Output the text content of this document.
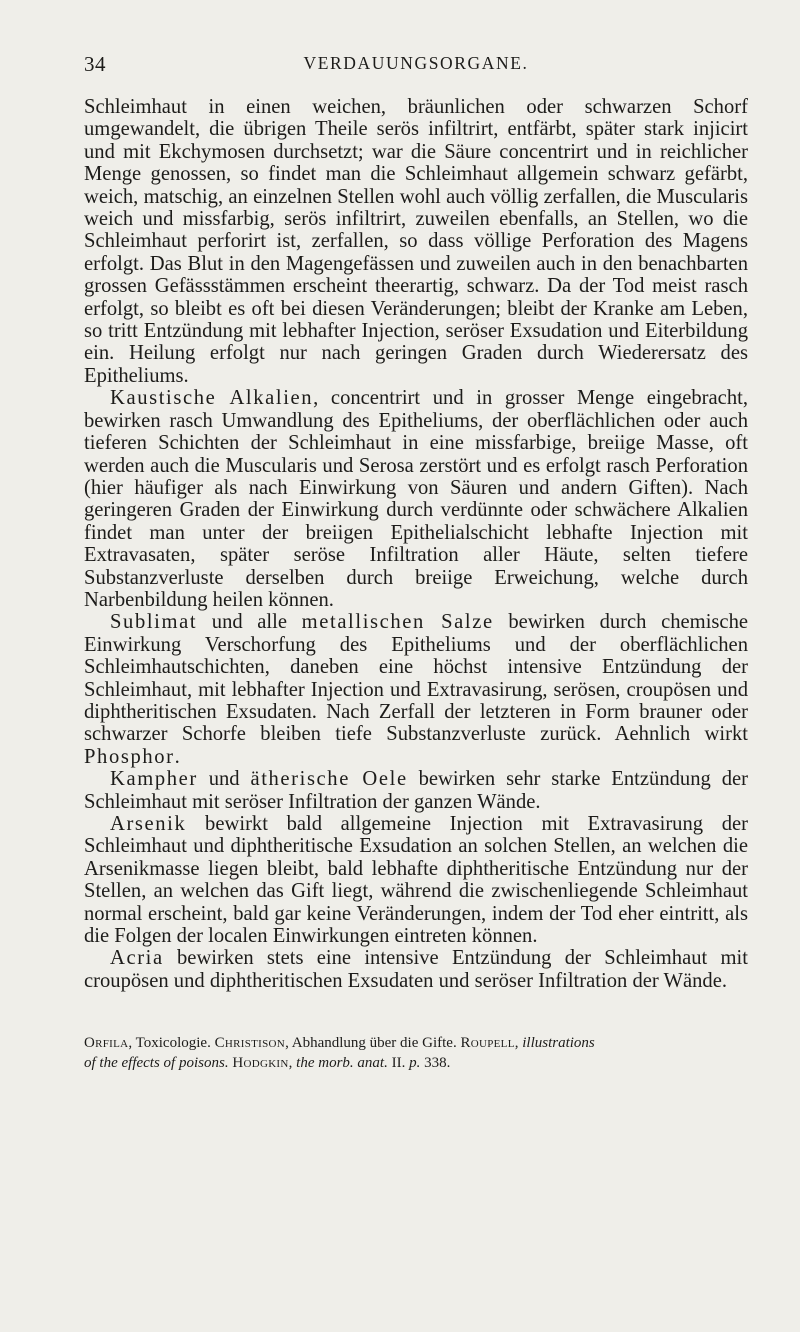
34	VERDAUUNGSORGANE.

Schleimhaut in einen weichen, bräunlichen oder schwarzen Schorf umgewandelt, die übrigen Theile serös infiltrirt, entfärbt, später stark injicirt und mit Ekchymosen durchsetzt; war die Säure concentrirt und in reichlicher Menge genossen, so findet man die Schleimhaut allgemein schwarz gefärbt, weich, matschig, an einzelnen Stellen wohl auch völlig zerfallen, die Muscularis weich und missfarbig, serös infiltrirt, zuweilen ebenfalls, an Stellen, wo die Schleimhaut perforirt ist, zerfallen, so dass völlige Perforation des Magens erfolgt. Das Blut in den Magengefässen und zuweilen auch in den benachbarten grossen Gefässstämmen erscheint theerartig, schwarz. Da der Tod meist rasch erfolgt, so bleibt es oft bei diesen Veränderungen; bleibt der Kranke am Leben, so tritt Entzündung mit lebhafter Injection, seröser Exsudation und Eiterbildung ein. Heilung erfolgt nur nach geringen Graden durch Wiederersatz des Epitheliums.

Kaustische Alkalien, concentrirt und in grosser Menge eingebracht, bewirken rasch Umwandlung des Epitheliums, der oberflächlichen oder auch tieferen Schichten der Schleimhaut in eine missfarbige, breiige Masse, oft werden auch die Muscularis und Serosa zerstört und es erfolgt rasch Perforation (hier häufiger als nach Einwirkung von Säuren und andern Giften). Nach geringeren Graden der Einwirkung durch verdünnte oder schwächere Alkalien findet man unter der breiigen Epithelialschicht lebhafte Injection mit Extravasaten, später seröse Infiltration aller Häute, selten tiefere Substanzverluste derselben durch breiige Erweichung, welche durch Narbenbildung heilen können.

Sublimat und alle metallischen Salze bewirken durch chemische Einwirkung Verschorfung des Epitheliums und der oberflächlichen Schleimhautschichten, daneben eine höchst intensive Entzündung der Schleimhaut, mit lebhafter Injection und Extravasirung, serösen, croupösen und diphtheritischen Exsudaten. Nach Zerfall der letzteren in Form brauner oder schwarzer Schorfe bleiben tiefe Substanzverluste zurück. Aehnlich wirkt Phosphor.

Kampher und ätherische Oele bewirken sehr starke Entzündung der Schleimhaut mit seröser Infiltration der ganzen Wände.

Arsenik bewirkt bald allgemeine Injection mit Extravasirung der Schleimhaut und diphtheritische Exsudation an solchen Stellen, an welchen die Arsenikmasse liegen bleibt, bald lebhafte diphtheritische Entzündung nur der Stellen, an welchen das Gift liegt, während die zwischenliegende Schleimhaut normal erscheint, bald gar keine Veränderungen, indem der Tod eher eintritt, als die Folgen der localen Einwirkungen eintreten können.

Acria bewirken stets eine intensive Entzündung der Schleimhaut mit croupösen und diphtheritischen Exsudaten und seröser Infiltration der Wände.

Orfila, Toxicologie. Christison, Abhandlung über die Gifte. Roupell, illustrations
of the effects of poisons. Hodgkin, the morb. anat. II. p. 338.
